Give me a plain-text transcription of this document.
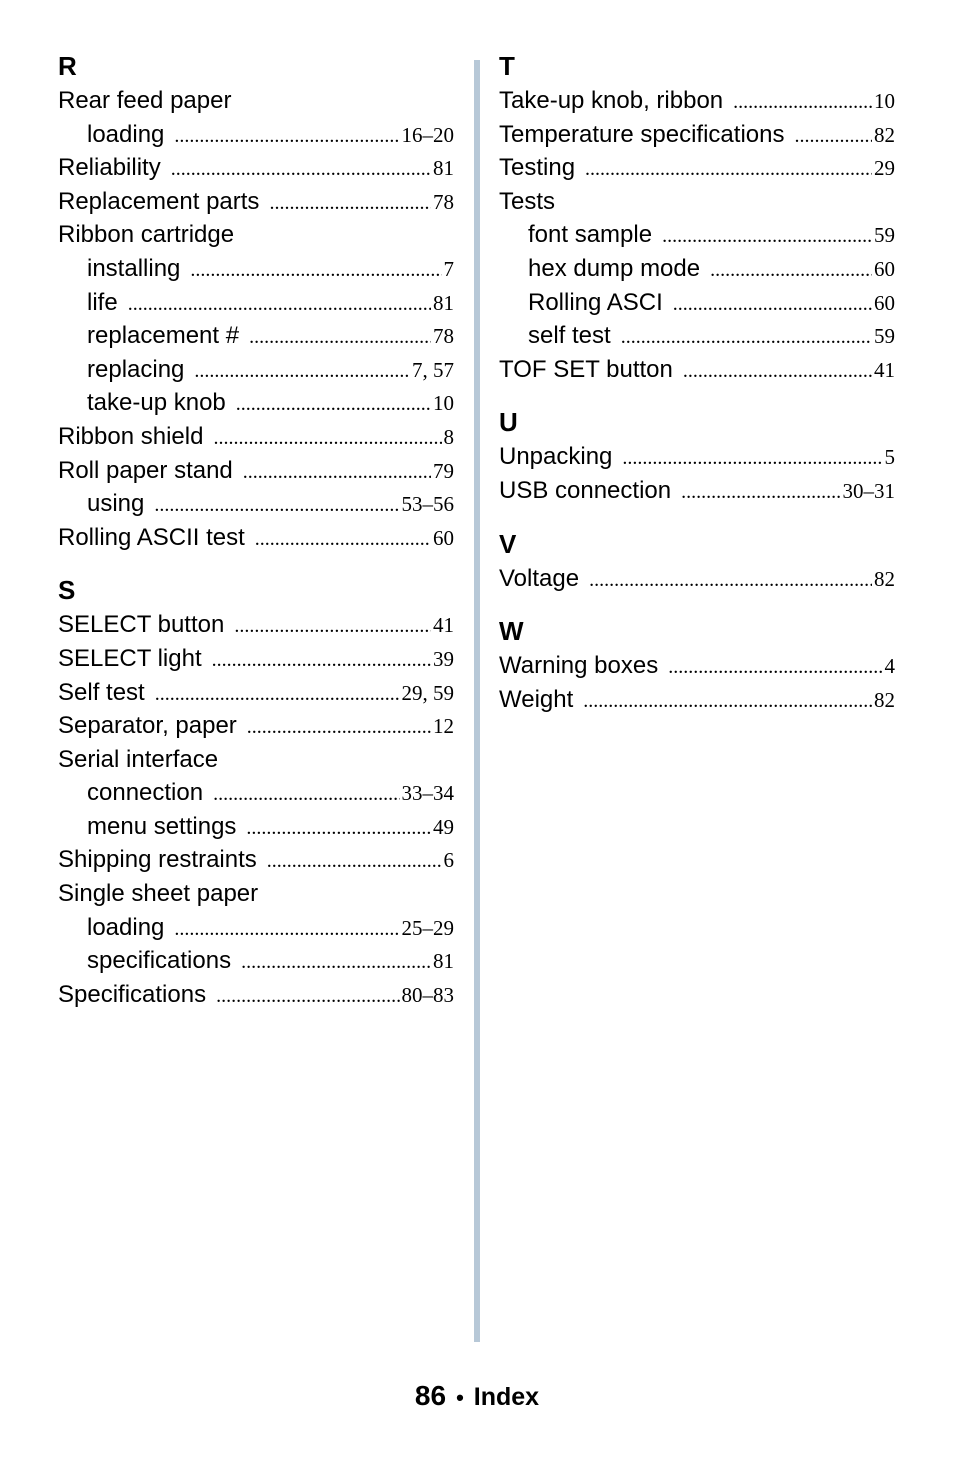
R
Rear feed paper
loading .....	16–20
Reliability .....	81
Replacement parts .....	78
Ribbon cartridge
installing .....	7
life .....	81
replacement # .....	78
replacing .....	7, 57
take-up knob .....	10
Ribbon shield .....	8
Roll paper stand .....	79
using .....	53–56
Rolling ASCII test .....	60
S
SELECT button .....	41
SELECT light .....	39
Self test .....	29, 59
Separator, paper .....	12
Serial interface
connection .....	33–34
menu settings .....	49
Shipping restraints .....	6
Single sheet paper
loading .....	25–29
specifications .....	81
Specifications .....	80–83
T
Take-up knob, ribbon .....	10
Temperature specifications .....	82
Testing .....	29
Tests
font sample .....	59
hex dump mode .....	60
Rolling ASCI .....	60
self test .....	59
TOF SET button .....	41
U
Unpacking .....	5
USB connection .....	30–31
V
Voltage .....	82
W
Warning boxes .....	4
Weight .....	82
86 • Index
